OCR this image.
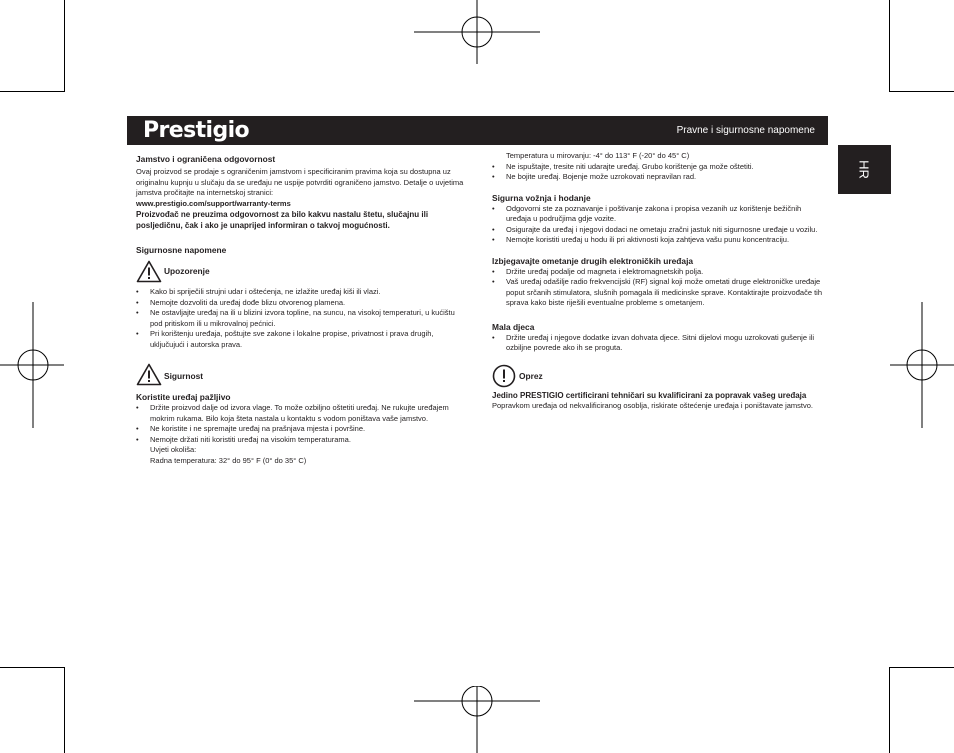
Prestigio	Pravne i sigurnosne napomene
HR
Jamstvo i ograničena odgovornost

Ovaj proizvod se prodaje s ograničenim jamstvom i specificiranim pravima koja su dostupna uz originalnu kupnju u slučaju da se uređaju ne uspije potvrditi ograničeno jamstvo. Detalje o uvjetima jamstva pročitajte na internetskoj stranici:

www.prestigio.com/support/warranty-terms

Proizvođač ne preuzima odgovornost za bilo kakvu nastalu štetu, slučajnu ili posljedičnu, čak i ako je unaprijed informiran o takvoj mogućnosti.

Sigurnosne napomene
Upozorenje
• Kako bi spriječili strujni udar i oštećenja, ne izlažite uređaj kiši ili vlazi.
• Nemojte dozvoliti da uređaj dođe blizu otvorenog plamena.
• Ne ostavljajte uređaj na ili u blizini izvora topline, na suncu, na visokoj temperaturi, u kućištu pod pritiskom ili u mikrovalnoj pećnici.
• Pri korištenju uređaja, poštujte sve zakone i lokalne propise, privatnost i prava drugih, uključujući i autorska prava.
Sigurnost
Koristite uređaj pažljivo
• Držite proizvod dalje od izvora vlage. To može ozbiljno oštetiti uređaj. Ne rukujte uređajem mokrim rukama. Bilo koja šteta nastala u kontaktu s vodom poništava vaše jamstvo.
• Ne koristite i ne spremajte uređaj na prašnjava mjesta i površine.
• Nemojte držati niti koristiti uređaj na visokim temperaturama.
Uvjeti okoliša:
Radna temperatura: 32° do 95° F (0° do 35° C)
Temperatura u mirovanju: -4° do 113° F (-20° do 45° C)
• Ne ispuštajte, tresite niti udarajte uređaj. Grubo korištenje ga može oštetiti.
• Ne bojite uređaj. Bojenje može uzrokovati nepravilan rad.
Sigurna vožnja i hodanje
• Odgovorni ste za poznavanje i poštivanje zakona i propisa vezanih uz korištenje bežičnih uređaja u područjima gdje vozite.
• Osigurajte da uređaj i njegovi dodaci ne ometaju zračni jastuk niti sigurnosne uređaje u vozilu.
• Nemojte koristiti uređaj u hodu ili pri aktivnosti koja zahtjeva vašu punu koncentraciju.
Izbjegavajte ometanje drugih elektroničkih uređaja
• Držite uređaj podalje od magneta i elektromagnetskih polja.
• Vaš uređaj odašilje radio frekvencijski (RF) signal koji može ometati druge elektroničke uređaje poput srčanih stimulatora, slušnih pomagala ili medicinske sprave. Kontaktirajte proizvođače tih sprava kako biste riješili eventualne probleme s ometanjem.
Mala djeca
• Držite uređaj i njegove dodatke izvan dohvata djece. Sitni dijelovi mogu uzrokovati gušenje ili ozbiljne povrede ako ih se proguta.
Oprez

Jedino PRESTIGIO certificirani tehničari su kvalificirani za popravak vašeg uređaja

Popravkom uređaja od nekvalificiranog osoblja, riskirate oštećenje uređaja i poništavate jamstvo.
